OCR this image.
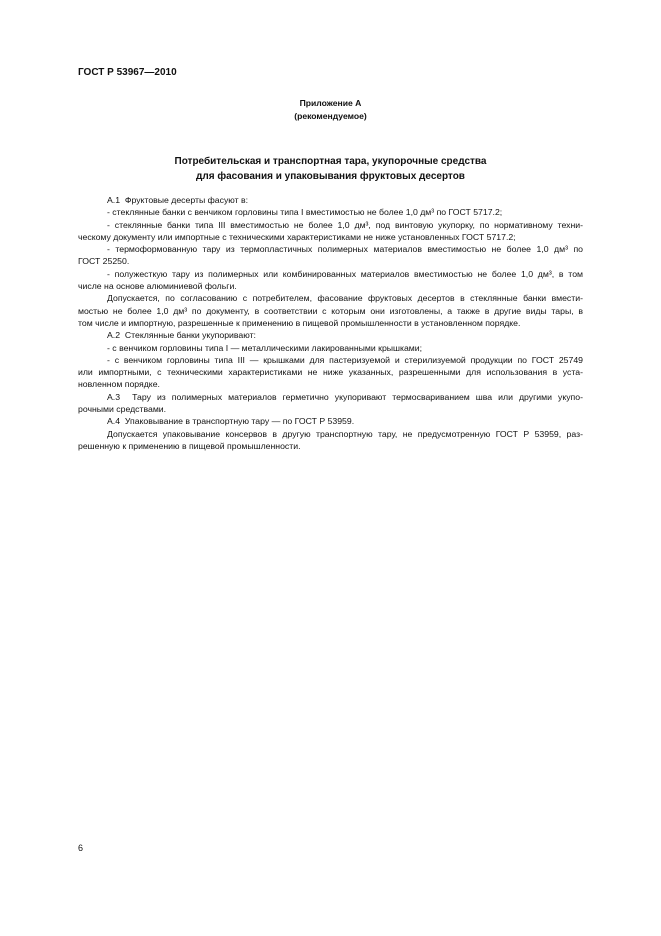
ГОСТ Р 53967—2010
Приложение А
(рекомендуемое)
Потребительская и транспортная тара, укупорочные средства
для фасования и упаковывания фруктовых десертов
А.1  Фруктовые десерты фасуют в:
- стеклянные банки с венчиком горловины типа I вместимостью не более 1,0 дм³ по ГОСТ 5717.2;
- стеклянные банки типа III вместимостью не более 1,0 дм³, под винтовую укупорку, по нормативному техни-
ческому документу или импортные с техническими характеристиками не ниже установленных ГОСТ 5717.2;
- термоформованную тару из термопластичных полимерных материалов вместимостью не более 1,0 дм³ по
ГОСТ 25250.
- полужесткую тару из полимерных или комбинированных материалов вместимостью не более 1,0 дм³, в том
числе на основе алюминиевой фольги.
Допускается, по согласованию с потребителем, фасование фруктовых десертов в стеклянные банки вмести-
мостью не более 1,0 дм³ по документу, в соответствии с которым они изготовлены, а также в другие виды тары, в
том числе и импортную, разрешенные к применению в пищевой промышленности в установленном порядке.
А.2  Стеклянные банки укупоривают:
- с венчиком горловины типа I — металлическими лакированными крышками;
- с венчиком горловины типа III — крышками для пастеризуемой и стерилизуемой продукции по ГОСТ 25749
или импортными, с техническими характеристиками не ниже указанных, разрешенными для использования в уста-
новленном порядке.
А.3  Тару из полимерных материалов герметично укупоривают термосвариванием шва или другими укупо-
рочными средствами.
А.4  Упаковывание в транспортную тару — по ГОСТ Р 53959.
Допускается упаковывание консервов в другую транспортную тару, не предусмотренную ГОСТ Р 53959, раз-
решенную к применению в пищевой промышленности.
6
